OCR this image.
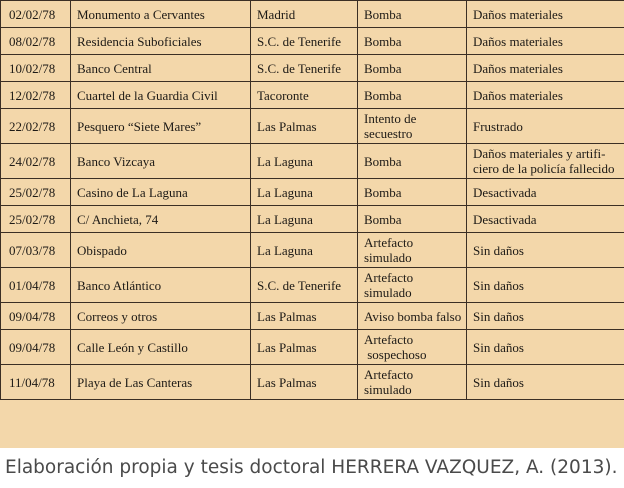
02/02/78	Monumento a Cervantes	Madrid	Bomba	Daños materiales

08/02/78	Residencia Suboficiales	S.C. de Tenerife	Bomba	Daños materiales

10/02/78	Banco Central	S.C. de Tenerife	Bomba	Daños materiales

12/02/78	Cuartel de la Guardia Civil	Tacoronte	Bomba	Daños materiales

22/02/78	Pesquero “Siete Mares”	Las Palmas	Intento de
secuestro	Frustrado

24/02/78	Banco Vizcaya	La Laguna	Bomba	Daños materiales y artifi-
ciero de la policía fallecido

25/02/78	Casino de La Laguna	La Laguna	Bomba	Desactivada

25/02/78	C/ Anchieta, 74	La Laguna	Bomba	Desactivada

07/03/78	Obispado	La Laguna	Artefacto
simulado	Sin daños

01/04/78	Banco Atlántico	S.C. de Tenerife	Artefacto
simulado	Sin daños

09/04/78	Correos y otros	Las Palmas	Aviso bomba falso	Sin daños

09/04/78	Calle León y Castillo	Las Palmas	Artefacto
sospechoso	Sin daños

11/04/78	Playa de Las Canteras	Las Palmas	Artefacto
simulado	Sin daños
Elaboración propia y tesis doctoral HERRERA VAZQUEZ, A. (2013).
